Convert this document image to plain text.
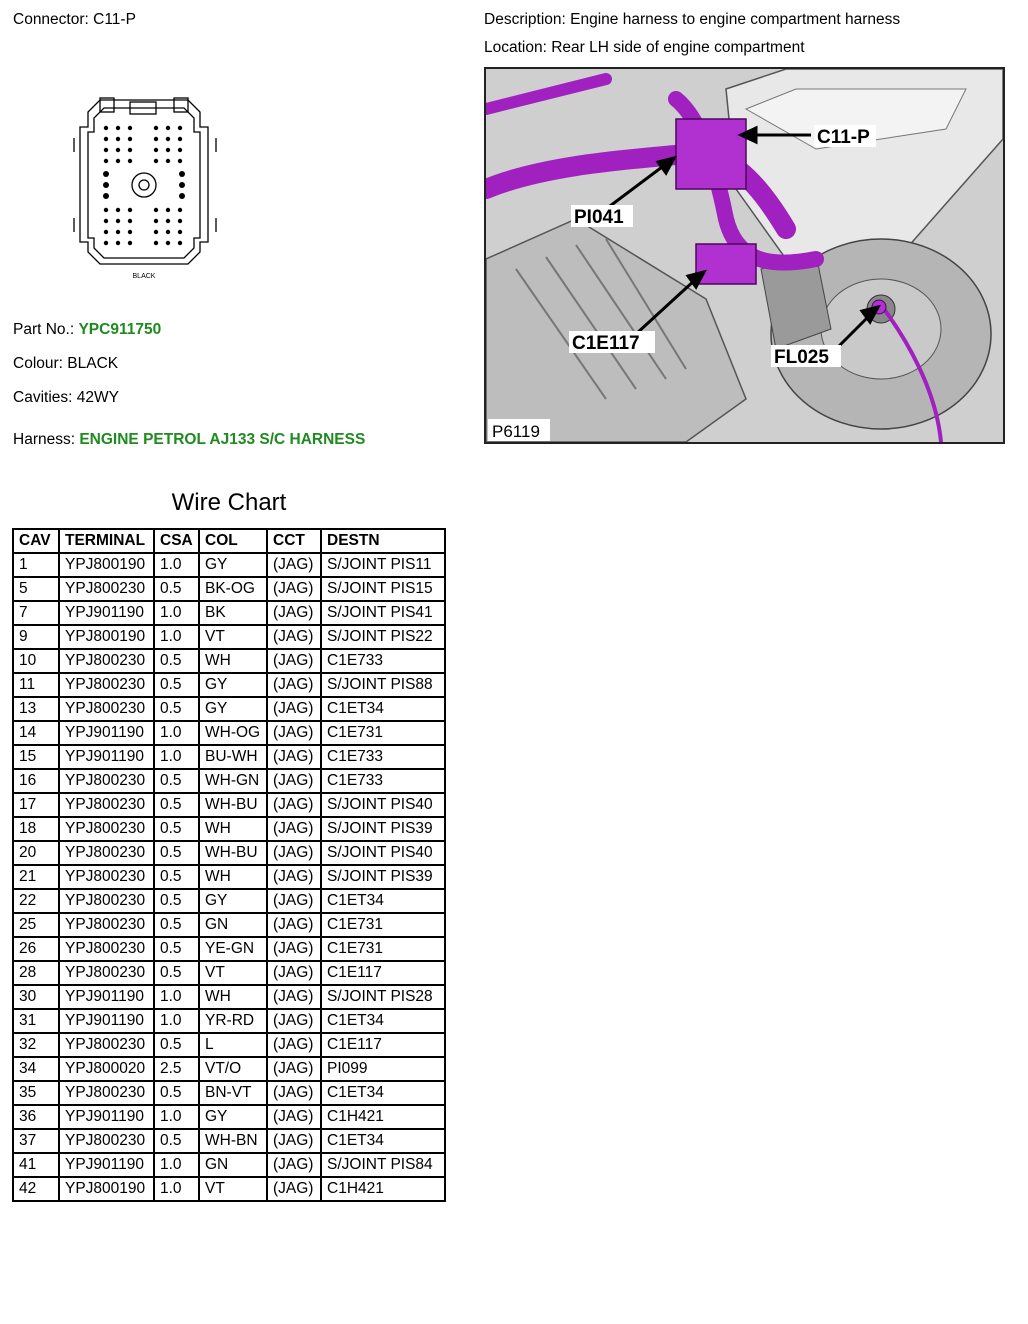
Connector: C11-P	Description: Engine harness to engine compartment harness
Location: Rear LH side of engine compartment
BLACK
Part No.: YPC911750
Colour: BLACK
Cavities: 42WY
Harness: ENGINE PETROL AJ133 S/C HARNESS
C11-P
PI041
C1E117
FL025
P6119
Wire Chart
CAV	TERMINAL	CSA	COL	CCT	DESTN
1	YPJ800190	1.0	GY	(JAG)	S/JOINT PIS11
5	YPJ800230	0.5	BK-OG	(JAG)	S/JOINT PIS15
7	YPJ901190	1.0	BK	(JAG)	S/JOINT PIS41
9	YPJ800190	1.0	VT	(JAG)	S/JOINT PIS22
10	YPJ800230	0.5	WH	(JAG)	C1E733
11	YPJ800230	0.5	GY	(JAG)	S/JOINT PIS88
13	YPJ800230	0.5	GY	(JAG)	C1ET34
14	YPJ901190	1.0	WH-OG	(JAG)	C1E731
15	YPJ901190	1.0	BU-WH	(JAG)	C1E733
16	YPJ800230	0.5	WH-GN	(JAG)	C1E733
17	YPJ800230	0.5	WH-BU	(JAG)	S/JOINT PIS40
18	YPJ800230	0.5	WH	(JAG)	S/JOINT PIS39
20	YPJ800230	0.5	WH-BU	(JAG)	S/JOINT PIS40
21	YPJ800230	0.5	WH	(JAG)	S/JOINT PIS39
22	YPJ800230	0.5	GY	(JAG)	C1ET34
25	YPJ800230	0.5	GN	(JAG)	C1E731
26	YPJ800230	0.5	YE-GN	(JAG)	C1E731
28	YPJ800230	0.5	VT	(JAG)	C1E117
30	YPJ901190	1.0	WH	(JAG)	S/JOINT PIS28
31	YPJ901190	1.0	YR-RD	(JAG)	C1ET34
32	YPJ800230	0.5	L	(JAG)	C1E117
34	YPJ800020	2.5	VT/O	(JAG)	PI099
35	YPJ800230	0.5	BN-VT	(JAG)	C1ET34
36	YPJ901190	1.0	GY	(JAG)	C1H421
37	YPJ800230	0.5	WH-BN	(JAG)	C1ET34
41	YPJ901190	1.0	GN	(JAG)	S/JOINT PIS84
42	YPJ800190	1.0	VT	(JAG)	C1H421
